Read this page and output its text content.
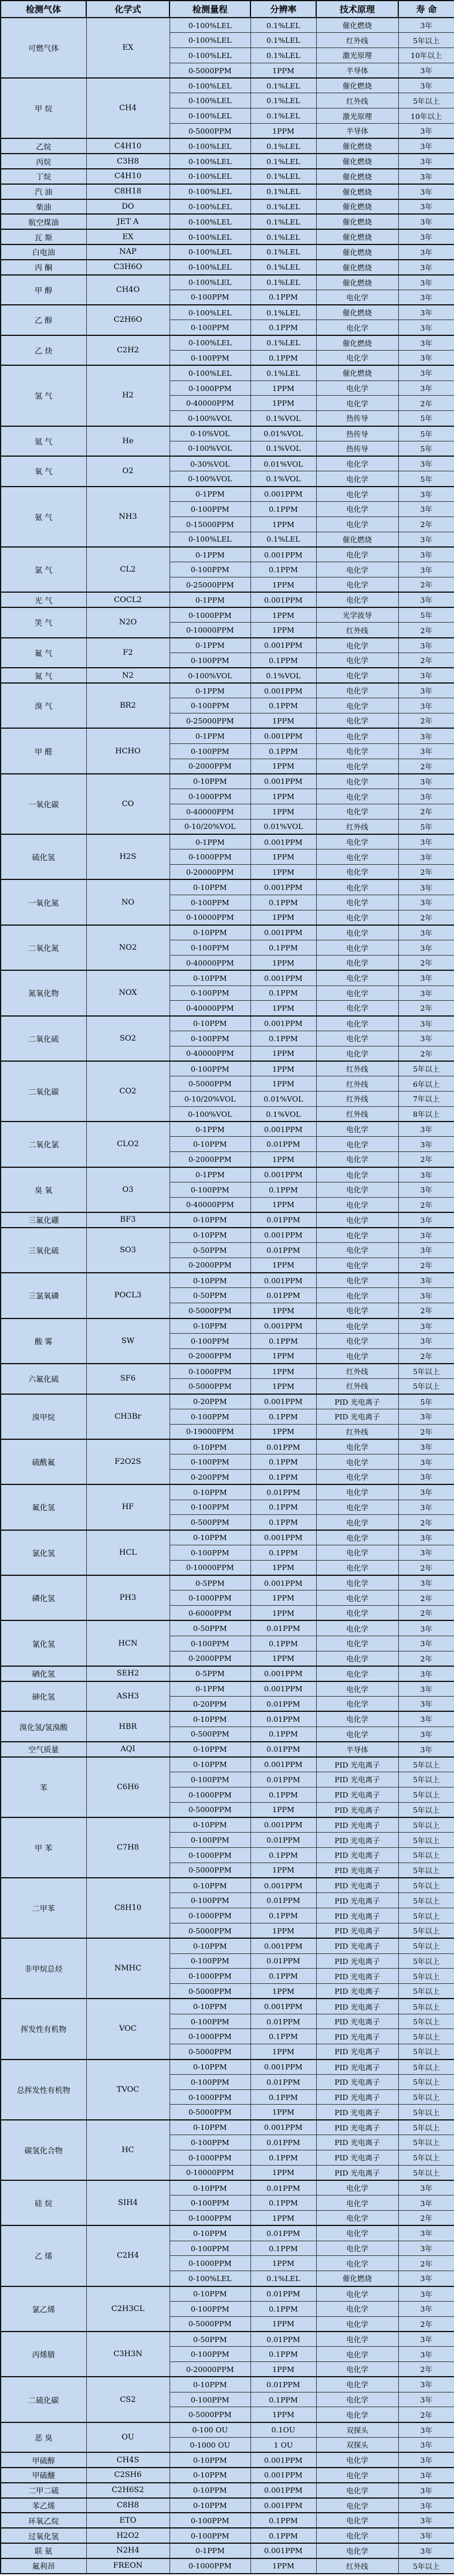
检测气体	化学式	检测量程	分辨率	技术原理	寿 命
可燃气体	EX	0-100%LEL	0.1%LEL	催化燃烧	3年
		0-100%LEL	0.1%LEL	红外线	5年以上
		0-100%LEL	0.1%LEL	激光原理	10年以上
		0-5000PPM	1PPM	半导体	3年
甲 烷	CH4	0-100%LEL	0.1%LEL	催化燃烧	3年
		0-100%LEL	0.1%LEL	红外线	5年以上
		0-100%LEL	0.1%LEL	激光原理	10年以上
		0-5000PPM	1PPM	半导体	3年
乙烷	C4H10	0-100%LEL	0.1%LEL	催化燃烧	3年
丙烷	C3H8	0-100%LEL	0.1%LEL	催化燃烧	3年
丁烷	C4H10	0-100%LEL	0.1%LEL	催化燃烧	3年
汽 油	C8H18	0-100%LEL	0.1%LEL	催化燃烧	3年
柴油	DO	0-100%LEL	0.1%LEL	催化燃烧	3年
航空煤油	JET A	0-100%LEL	0.1%LEL	催化燃烧	3年
瓦 斯	EX	0-100%LEL	0.1%LEL	催化燃烧	3年
白电油	NAP	0-100%LEL	0.1%LEL	催化燃烧	3年
丙 酮	C3H6O	0-100%LEL	0.1%LEL	催化燃烧	3年
甲 醇	CH4O	0-100%LEL	0.1%LEL	催化燃烧	3年
		0-100PPM	0.1PPM	电化学	3年
乙 醇	C2H6O	0-100%LEL	0.1%LEL	催化燃烧	3年
		0-100PPM	0.1PPM	电化学	3年
乙 炔	C2H2	0-100%LEL	0.1%LEL	催化燃烧	3年
		0-100PPM	0.1PPM	电化学	3年
氢 气	H2	0-100%LEL	0.1%LEL	催化燃烧	3年
		0-1000PPM	1PPM	电化学	3年
		0-40000PPM	1PPM	电化学	2年
		0-100%VOL	0.1%VOL	热传导	5年
氦 气	He	0-10%VOL	0.01%VOL	热传导	5年
		0-100%VOL	0.1%VOL	热传导	5年
氧 气	O2	0-30%VOL	0.01%VOL	电化学	3年
		0-100%VOL	0.1%VOL	电化学	5年
氨 气	NH3	0-1PPM	0.001PPM	电化学	3年
		0-100PPM	0.1PPM	电化学	3年
		0-15000PPM	1PPM	电化学	2年
		0-100%LEL	0.1%LEL	催化燃烧	3年
氯 气	CL2	0-1PPM	0.001PPM	电化学	3年
		0-100PPM	0.1PPM	电化学	3年
		0-25000PPM	1PPM	电化学	2年
光 气	COCL2	0-1PPM	0.001PPM	电化学	3年
笑 气	N2O	0-1000PPM	1PPM	光学波导	5年
		0-10000PPM	1PPM	红外线	2年
氟 气	F2	0-1PPM	0.001PPM	电化学	3年
		0-100PPM	0.1PPM	电化学	2年
氮 气	N2	0-100%VOL	0.1%VOL	电化学	3年
溴 气	BR2	0-1PPM	0.001PPM	电化学	3年
		0-100PPM	0.1PPM	电化学	3年
		0-25000PPM	1PPM	电化学	2年
甲 醛	HCHO	0-1PPM	0.001PPM	电化学	3年
		0-100PPM	0.1PPM	电化学	3年
		0-2000PPM	1PPM	电化学	2年
一氧化碳	CO	0-10PPM	0.001PPM	电化学	3年
		0-1000PPM	1PPM	电化学	3年
		0-40000PPM	1PPM	电化学	2年
		0-10/20%VOL	0.01%VOL	红外线	5年
硫化氢	H2S	0-1PPM	0.001PPM	电化学	3年
		0-1000PPM	1PPM	电化学	3年
		0-20000PPM	1PPM	电化学	2年
一氧化氮	NO	0-10PPM	0.001PPM	电化学	3年
		0-100PPM	0.1PPM	电化学	3年
		0-10000PPM	1PPM	电化学	2年
二氧化氮	NO2	0-10PPM	0.001PPM	电化学	3年
		0-100PPM	0.1PPM	电化学	3年
		0-40000PPM	1PPM	电化学	2年
氮氧化物	NOX	0-10PPM	0.001PPM	电化学	3年
		0-100PPM	0.1PPM	电化学	3年
		0-40000PPM	1PPM	电化学	2年
二氧化硫	SO2	0-10PPM	0.001PPM	电化学	3年
		0-100PPM	0.1PPM	电化学	3年
		0-40000PPM	1PPM	电化学	2年
二氧化碳	CO2	0-100PPM	1PPM	红外线	5年以上
		0-5000PPM	1PPM	红外线	6年以上
		0-10/20%VOL	0.01%VOL	红外线	7年以上
		0-100%VOL	0.1%VOL	红外线	8年以上
二氧化氯	CLO2	0-1PPM	0.001PPM	电化学	3年
		0-10PPM	0.01PPM	电化学	3年
		0-2000PPM	1PPM	电化学	2年
臭 氧	O3	0-1PPM	0.001PPM	电化学	3年
		0-100PPM	0.1PPM	电化学	3年
		0-40000PPM	1PPM	电化学	2年
三氟化硼	BF3	0-10PPM	0.01PPM	电化学	3年
三氧化硫	SO3	0-10PPM	0.001PPM	电化学	3年
		0-50PPM	0.01PPM	电化学	3年
		0-2000PPM	1PPM	电化学	2年
三氯氧磷	POCL3	0-10PPM	0.001PPM	电化学	3年
		0-50PPM	0.01PPM	电化学	3年
		0-5000PPM	1PPM	电化学	2年
酸 雾	SW	0-10PPM	0.001PPM	电化学	3年
		0-100PPM	0.1PPM	电化学	3年
		0-2000PPM	1PPM	电化学	2年
六氟化硫	SF6	0-1000PPM	1PPM	红外线	5年以上
		0-5000PPM	1PPM	红外线	5年以上
溴甲烷	CH3Br	0-20PPM	0.001PPM	PID 光电离子	5年
		0-100PPM	0.1PPM	PID 光电离子	3年
		0-19000PPM	1PPM	红外线	2年
硫酰氟	F2O2S	0-10PPM	0.01PPM	电化学	3年
		0-100PPM	0.1PPM	电化学	3年
		0-200PPM	0.1PPM	电化学	3年
氟化氢	HF	0-10PPM	0.01PPM	电化学	3年
		0-100PPM	0.1PPM	电化学	3年
		0-500PPM	0.1PPM	电化学	2年
氯化氢	HCL	0-10PPM	0.001PPM	电化学	3年
		0-100PPM	0.1PPM	电化学	3年
		0-10000PPM	1PPM	电化学	2年
磷化氢	PH3	0-5PPM	0.001PPM	电化学	3年
		0-1000PPM	1PPM	电化学	2年
		0-6000PPM	1PPM	电化学	2年
氰化氢	HCN	0-50PPM	0.01PPM	电化学	3年
		0-100PPM	0.1PPM	电化学	3年
		0-2000PPM	1PPM	电化学	2年
硒化氢	SEH2	0-5PPM	0.001PPM	电化学	3年
砷化氢	ASH3	0-1PPM	0.001PPM	电化学	3年
		0-20PPM	0.01PPM	电化学	3年
溴化氢/氢溴酸	HBR	0-10PPM	0.01PPM	电化学	3年
		0-500PPM	0.1PPM	电化学	3年
空气质量	AQI	0-10PPM	0.01PPM	半导体	3年
苯	C6H6	0-10PPM	0.001PPM	PID 光电离子	5年以上
		0-100PPM	0.01PPM	PID 光电离子	5年以上
		0-1000PPM	0.1PPM	PID 光电离子	5年以上
		0-5000PPM	1PPM	PID 光电离子	5年以上
甲 苯	C7H8	0-10PPM	0.001PPM	PID 光电离子	5年以上
		0-100PPM	0.01PPM	PID 光电离子	5年以上
		0-1000PPM	0.1PPM	PID 光电离子	5年以上
		0-5000PPM	1PPM	PID 光电离子	5年以上
二甲苯	C8H10	0-10PPM	0.001PPM	PID 光电离子	5年以上
		0-100PPM	0.01PPM	PID 光电离子	5年以上
		0-1000PPM	0.1PPM	PID 光电离子	5年以上
		0-5000PPM	1PPM	PID 光电离子	5年以上
非甲烷总烃	NMHC	0-10PPM	0.001PPM	PID 光电离子	5年以上
		0-100PPM	0.01PPM	PID 光电离子	5年以上
		0-1000PPM	0.1PPM	PID 光电离子	5年以上
		0-5000PPM	1PPM	PID 光电离子	5年以上
挥发性有机物	VOC	0-10PPM	0.001PPM	PID 光电离子	5年以上
		0-100PPM	0.01PPM	PID 光电离子	5年以上
		0-1000PPM	0.1PPM	PID 光电离子	5年以上
		0-5000PPM	1PPM	PID 光电离子	5年以上
总挥发性有机物	TVOC	0-10PPM	0.001PPM	PID 光电离子	5年以上
		0-100PPM	0.01PPM	PID 光电离子	5年以上
		0-1000PPM	0.1PPM	PID 光电离子	5年以上
		0-5000PPM	1PPM	PID 光电离子	5年以上
碳氢化合物	HC	0-10PPM	0.001PPM	PID 光电离子	5年以上
		0-100PPM	0.01PPM	PID 光电离子	5年以上
		0-1000PPM	0.1PPM	PID 光电离子	5年以上
		0-10000PPM	1PPM	PID 光电离子	5年以上
硅 烷	SIH4	0-10PPM	0.01PPM	电化学	3年
		0-100PPM	0.1PPM	电化学	3年
		0-1000PPM	1PPM	电化学	2年
乙 烯	C2H4	0-10PPM	0.01PPM	电化学	3年
		0-100PPM	0.1PPM	电化学	3年
		0-1000PPM	1PPM	电化学	2年
		0-100%LEL	0.1%LEL	催化燃烧	3年
氯乙烯	C2H3CL	0-10PPM	0.01PPM	电化学	3年
		0-100PPM	0.1PPM	电化学	3年
		0-5000PPM	1PPM	电化学	2年
丙烯腈	C3H3N	0-50PPM	0.01PPM	电化学	3年
		0-100PPM	0.1PPM	电化学	3年
		0-20000PPM	1PPM	电化学	2年
二硫化碳	CS2	0-10PPM	0.01PPM	电化学	3年
		0-100PPM	0.1PPM	电化学	3年
		0-5000PPM	1PPM	电化学	2年
恶 臭	OU	0-100 OU	0.1OU	双探头	3年
		0-1000 OU	1 OU	双探头	3年
甲硫醇	CH4S	0-10PPM	0.001PPM	电化学	3年
甲硫醚	C2SH6	0-10PPM	0.001PPM	电化学	3年
二甲二硫	C2H6S2	0-10PPM	0.001PPM	电化学	3年
苯乙烯	C8H8	0-10PPM	0.001PPM	电化学	3年
环氧乙烷	ETO	0-100PPM	0.1PPM	电化学	3年
过氧化氢	H2O2	0-100PPM	0.1PPM	电化学	3年
联 氨	N2H4	0-1PPM	0.001PPM	电化学	3年
氟利昂	FREON	0-1000PPM	1PPM	红外线	5年以上
